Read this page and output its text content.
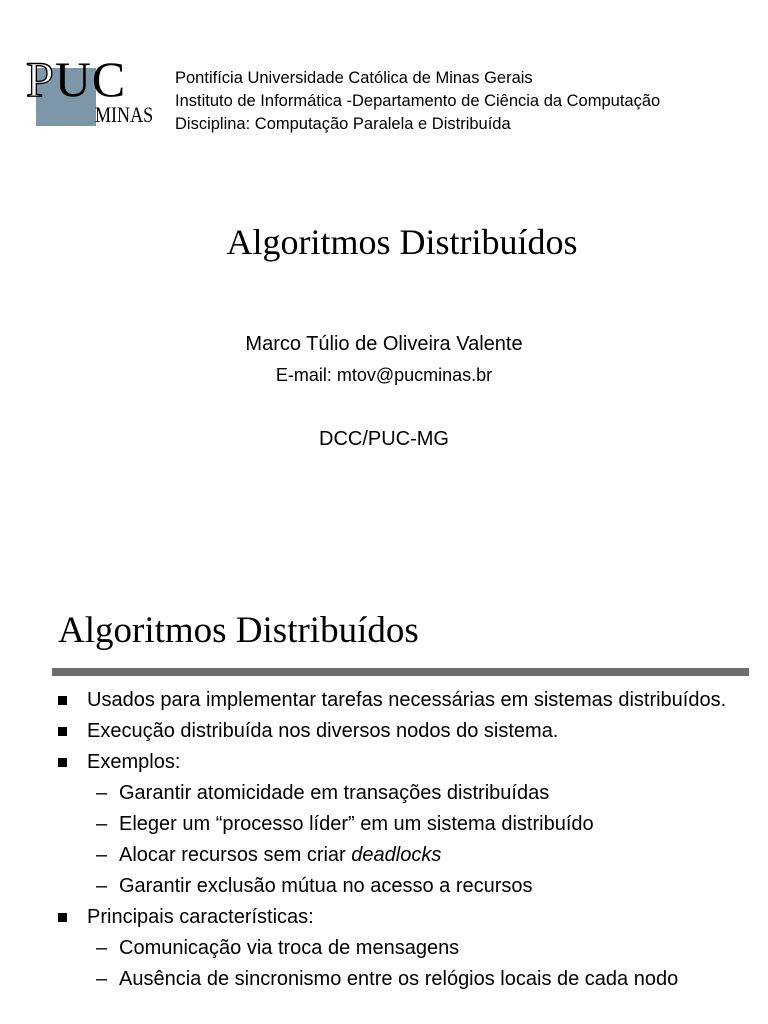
PUC
MINAS
Pontifícia Universidade Católica de Minas Gerais
Instituto de Informática -Departamento de Ciência da Computação
Disciplina: Computação Paralela e Distribuída
Algoritmos Distribuídos
Marco Túlio de Oliveira Valente
E-mail: mtov@pucminas.br
DCC/PUC-MG
Algoritmos Distribuídos
Usados para implementar tarefas necessárias em sistemas distribuídos.
Execução distribuída nos diversos nodos do sistema.
Exemplos:
– Garantir atomicidade em transações distribuídas
– Eleger um “processo líder” em um sistema distribuído
– Alocar recursos sem criar deadlocks
– Garantir exclusão mútua no acesso a recursos
Principais características:
– Comunicação via troca de mensagens
– Ausência de sincronismo entre os relógios locais de cada nodo
